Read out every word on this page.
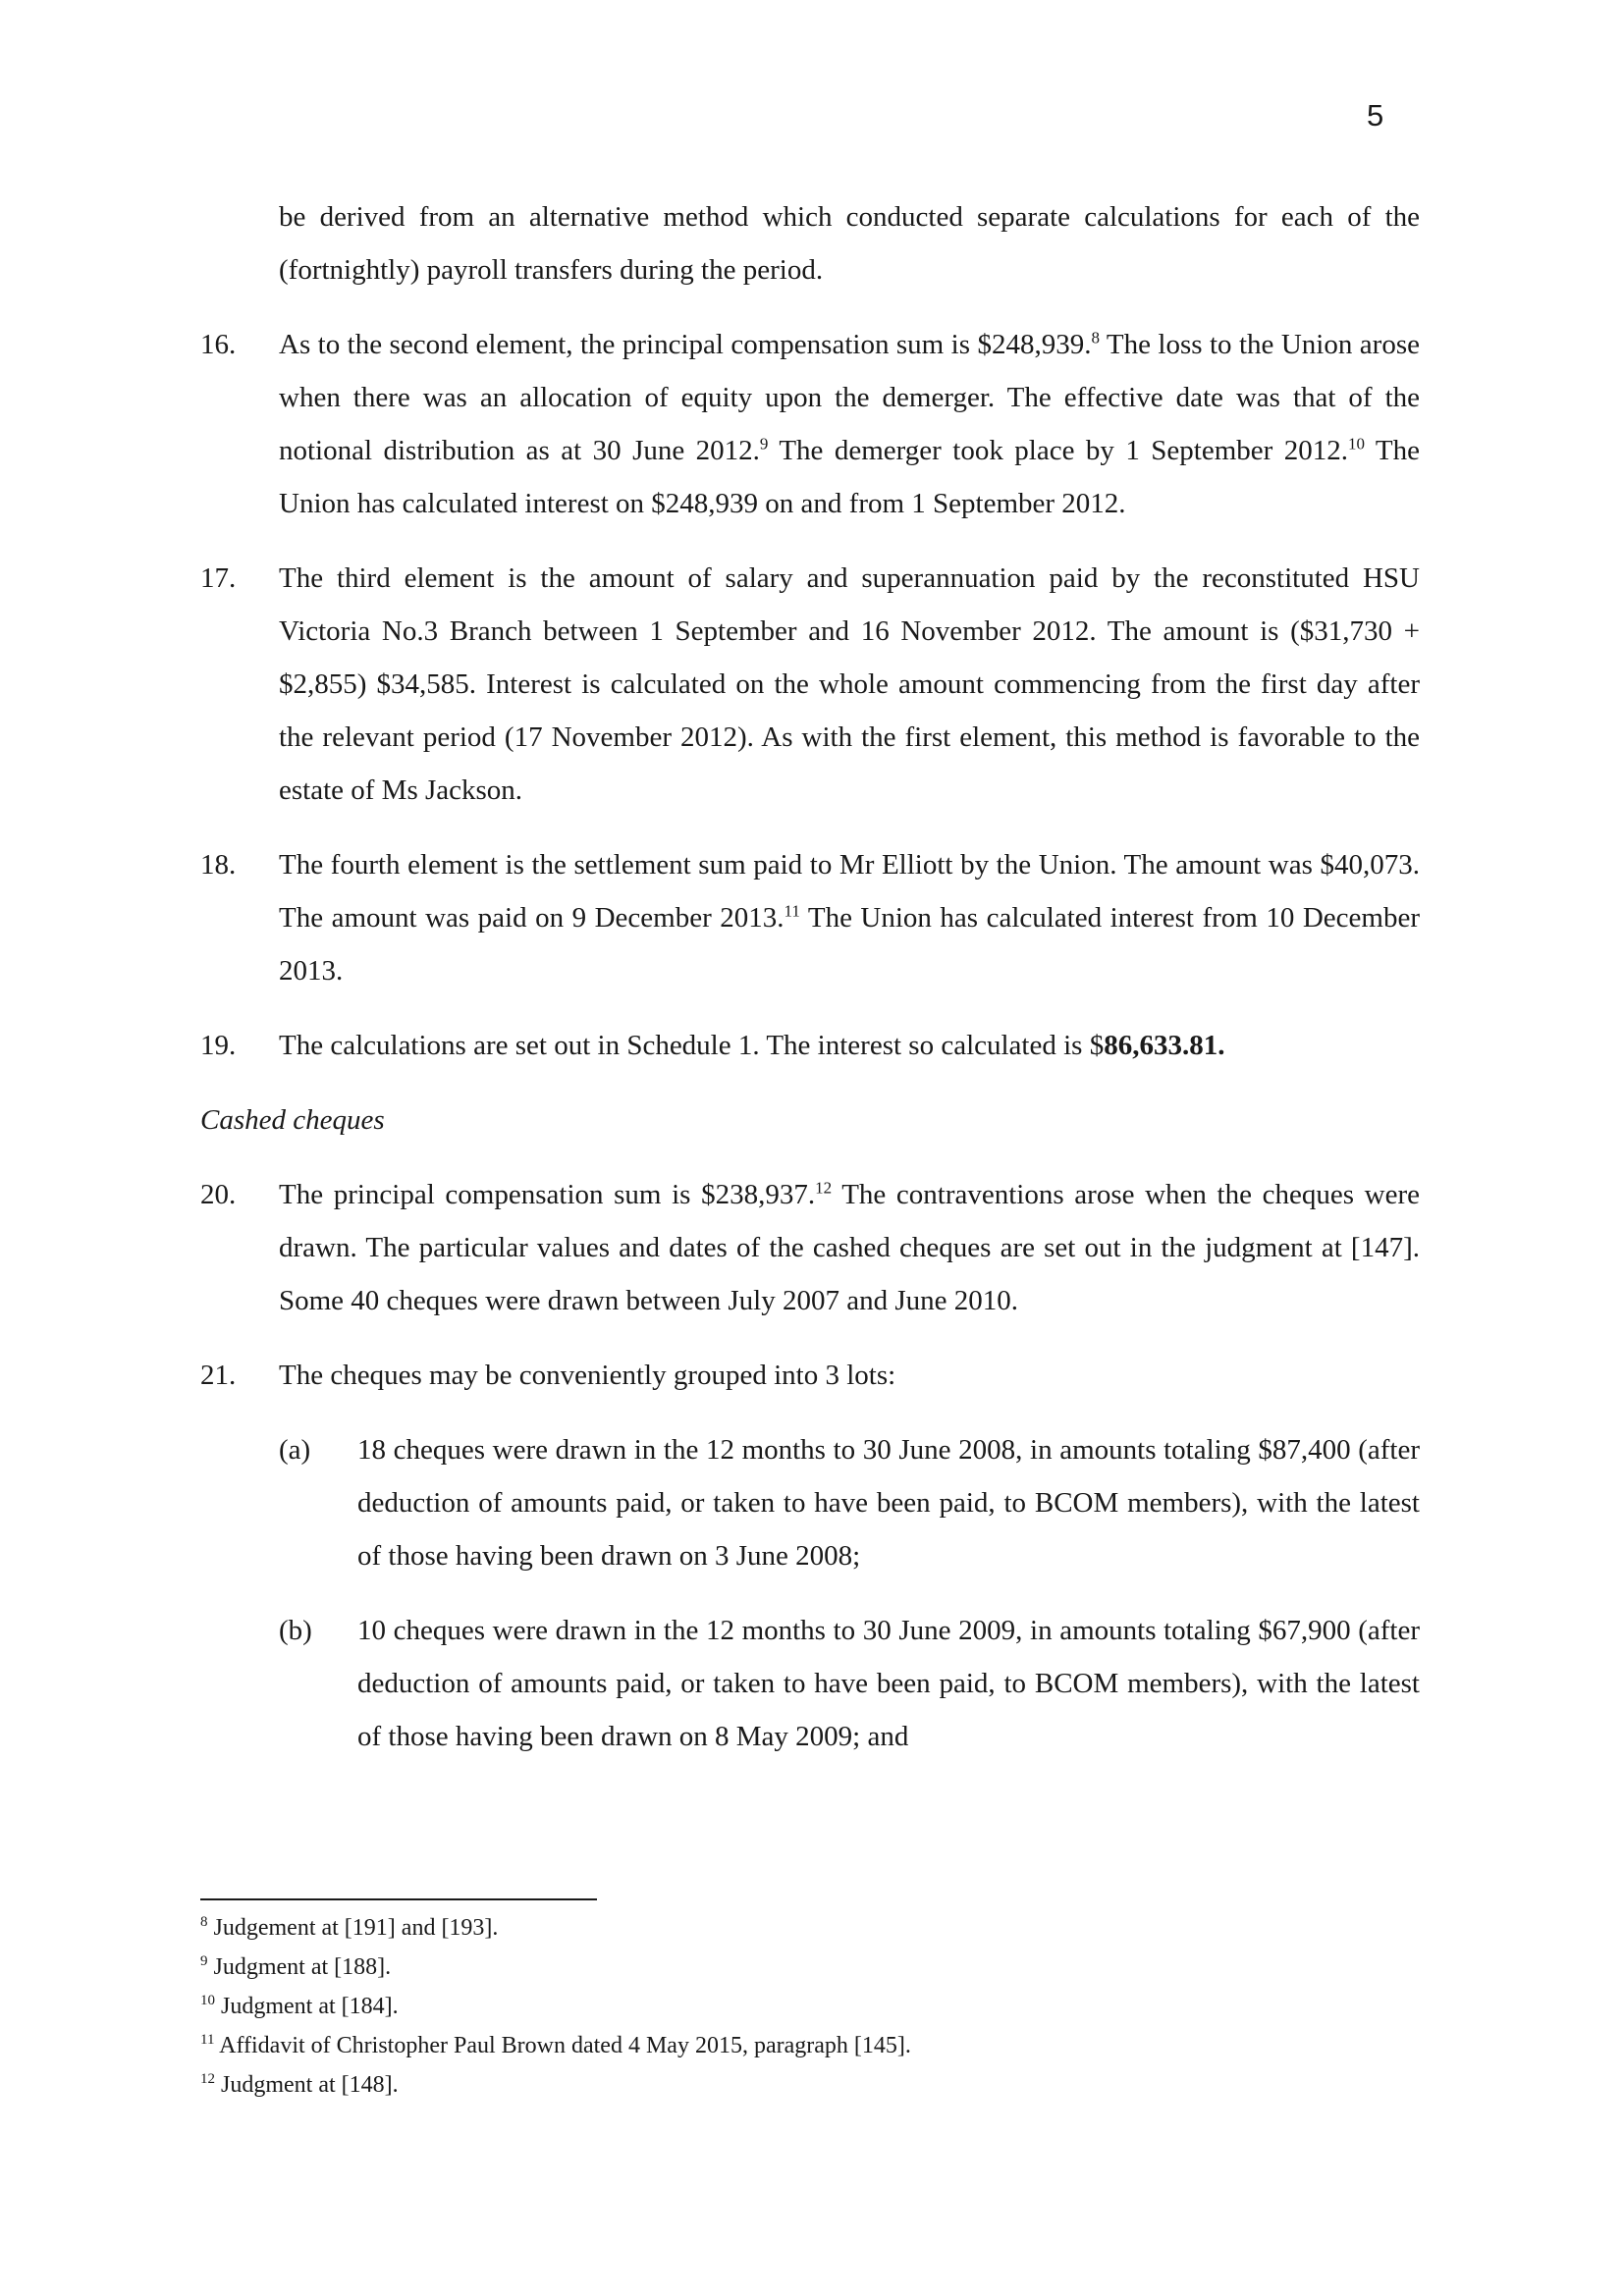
5
be derived from an alternative method which conducted separate calculations for each of the (fortnightly) payroll transfers during the period.
16.	As to the second element, the principal compensation sum is $248,939.$^8$ The loss to the Union arose when there was an allocation of equity upon the demerger. The effective date was that of the notional distribution as at 30 June 2012.$^9$ The demerger took place by 1 September 2012.10 The Union has calculated interest on $248,939 on and from 1 September 2012.
17.	The third element is the amount of salary and superannuation paid by the reconstituted HSU Victoria No.3 Branch between 1 September and 16 November 2012. The amount is ($31,730 + $2,855) $34,585. Interest is calculated on the whole amount commencing from the first day after the relevant period (17 November 2012). As with the first element, this method is favorable to the estate of Ms Jackson.
18.	The fourth element is the settlement sum paid to Mr Elliott by the Union. The amount was $40,073. The amount was paid on 9 December 2013.11 The Union has calculated interest from 10 December 2013.
19.	The calculations are set out in Schedule 1. The interest so calculated is $86,633.81.
Cashed cheques
20.	The principal compensation sum is $238,937.12 The contraventions arose when the cheques were drawn. The particular values and dates of the cashed cheques are set out in the judgment at [147]. Some 40 cheques were drawn between July 2007 and June 2010.
21.	The cheques may be conveniently grouped into 3 lots:
(a)	18 cheques were drawn in the 12 months to 30 June 2008, in amounts totaling $87,400 (after deduction of amounts paid, or taken to have been paid, to BCOM members), with the latest of those having been drawn on 3 June 2008;
(b)	10 cheques were drawn in the 12 months to 30 June 2009, in amounts totaling $67,900 (after deduction of amounts paid, or taken to have been paid, to BCOM members), with the latest of those having been drawn on 8 May 2009; and
$^8$ Judgement at [191] and [193].
$^9$ Judgment at [188].
$^{10}$ Judgment at [184].
$^{11}$ Affidavit of Christopher Paul Brown dated 4 May 2015, paragraph [145].
$^{12}$ Judgment at [148].
